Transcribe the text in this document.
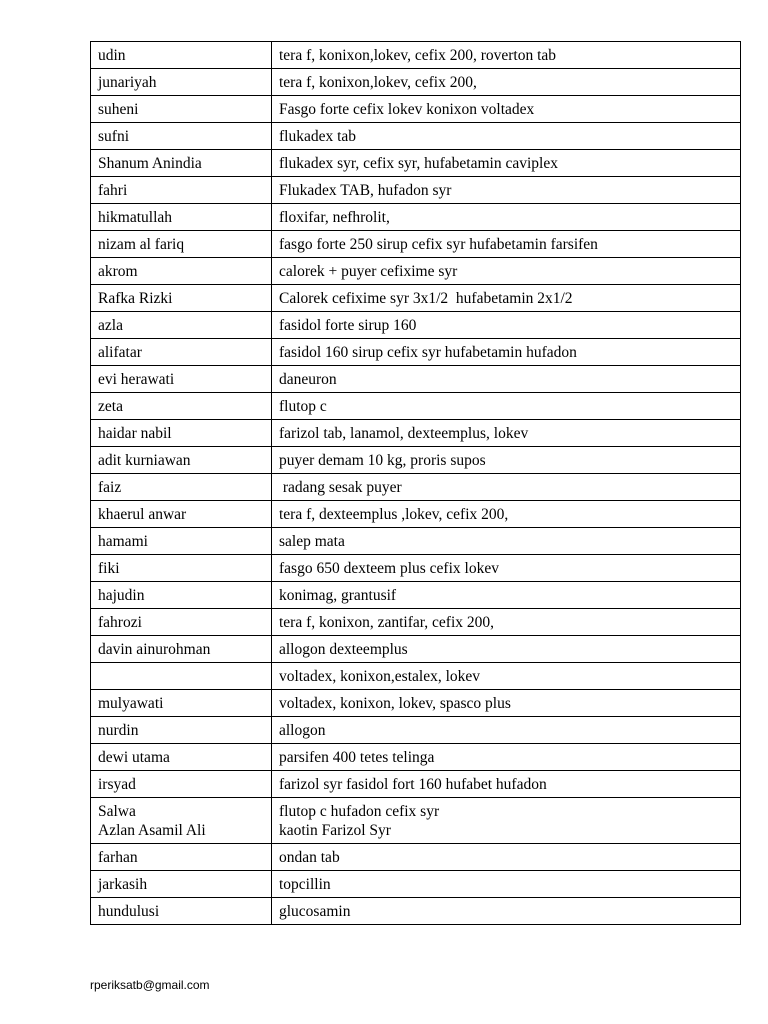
udin	tera f, konixon,lokev, cefix 200, roverton tab

junariyah	tera f, konixon,lokev, cefix 200,

suheni	Fasgo forte cefix lokev konixon voltadex

sufni	flukadex tab

Shanum Anindia	flukadex syr, cefix syr, hufabetamin caviplex

fahri	Flukadex TAB, hufadon syr

hikmatullah	floxifar, nefhrolit,

nizam al fariq	fasgo forte 250 sirup cefix syr hufabetamin farsifen

akrom	calorek + puyer cefixime syr

Rafka Rizki	Calorek cefixime syr 3x1/2  hufabetamin 2x1/2

azla	fasidol forte sirup 160

alifatar	fasidol 160 sirup cefix syr hufabetamin hufadon

evi herawati	daneuron

zeta	flutop c

haidar nabil	farizol tab, lanamol, dexteemplus, lokev

adit kurniawan	puyer demam 10 kg, proris supos

faiz	radang sesak puyer

khaerul anwar	tera f, dexteemplus ,lokev, cefix 200,

hamami	salep mata

fiki	fasgo 650 dexteem plus cefix lokev

hajudin	konimag, grantusif

fahrozi	tera f, konixon, zantifar, cefix 200,

davin ainurohman	allogon dexteemplus

	voltadex, konixon,estalex, lokev

mulyawati	voltadex, konixon, lokev, spasco plus

nurdin	allogon

dewi utama	parsifen 400 tetes telinga

irsyad	farizol syr fasidol fort 160 hufabet hufadon

Salwa
Azlan Asamil Ali	flutop c hufadon cefix syr
kaotin Farizol Syr

farhan	ondan tab

jarkasih	topcillin

hundulusi	glucosamin
rperiksatb@gmail.com
